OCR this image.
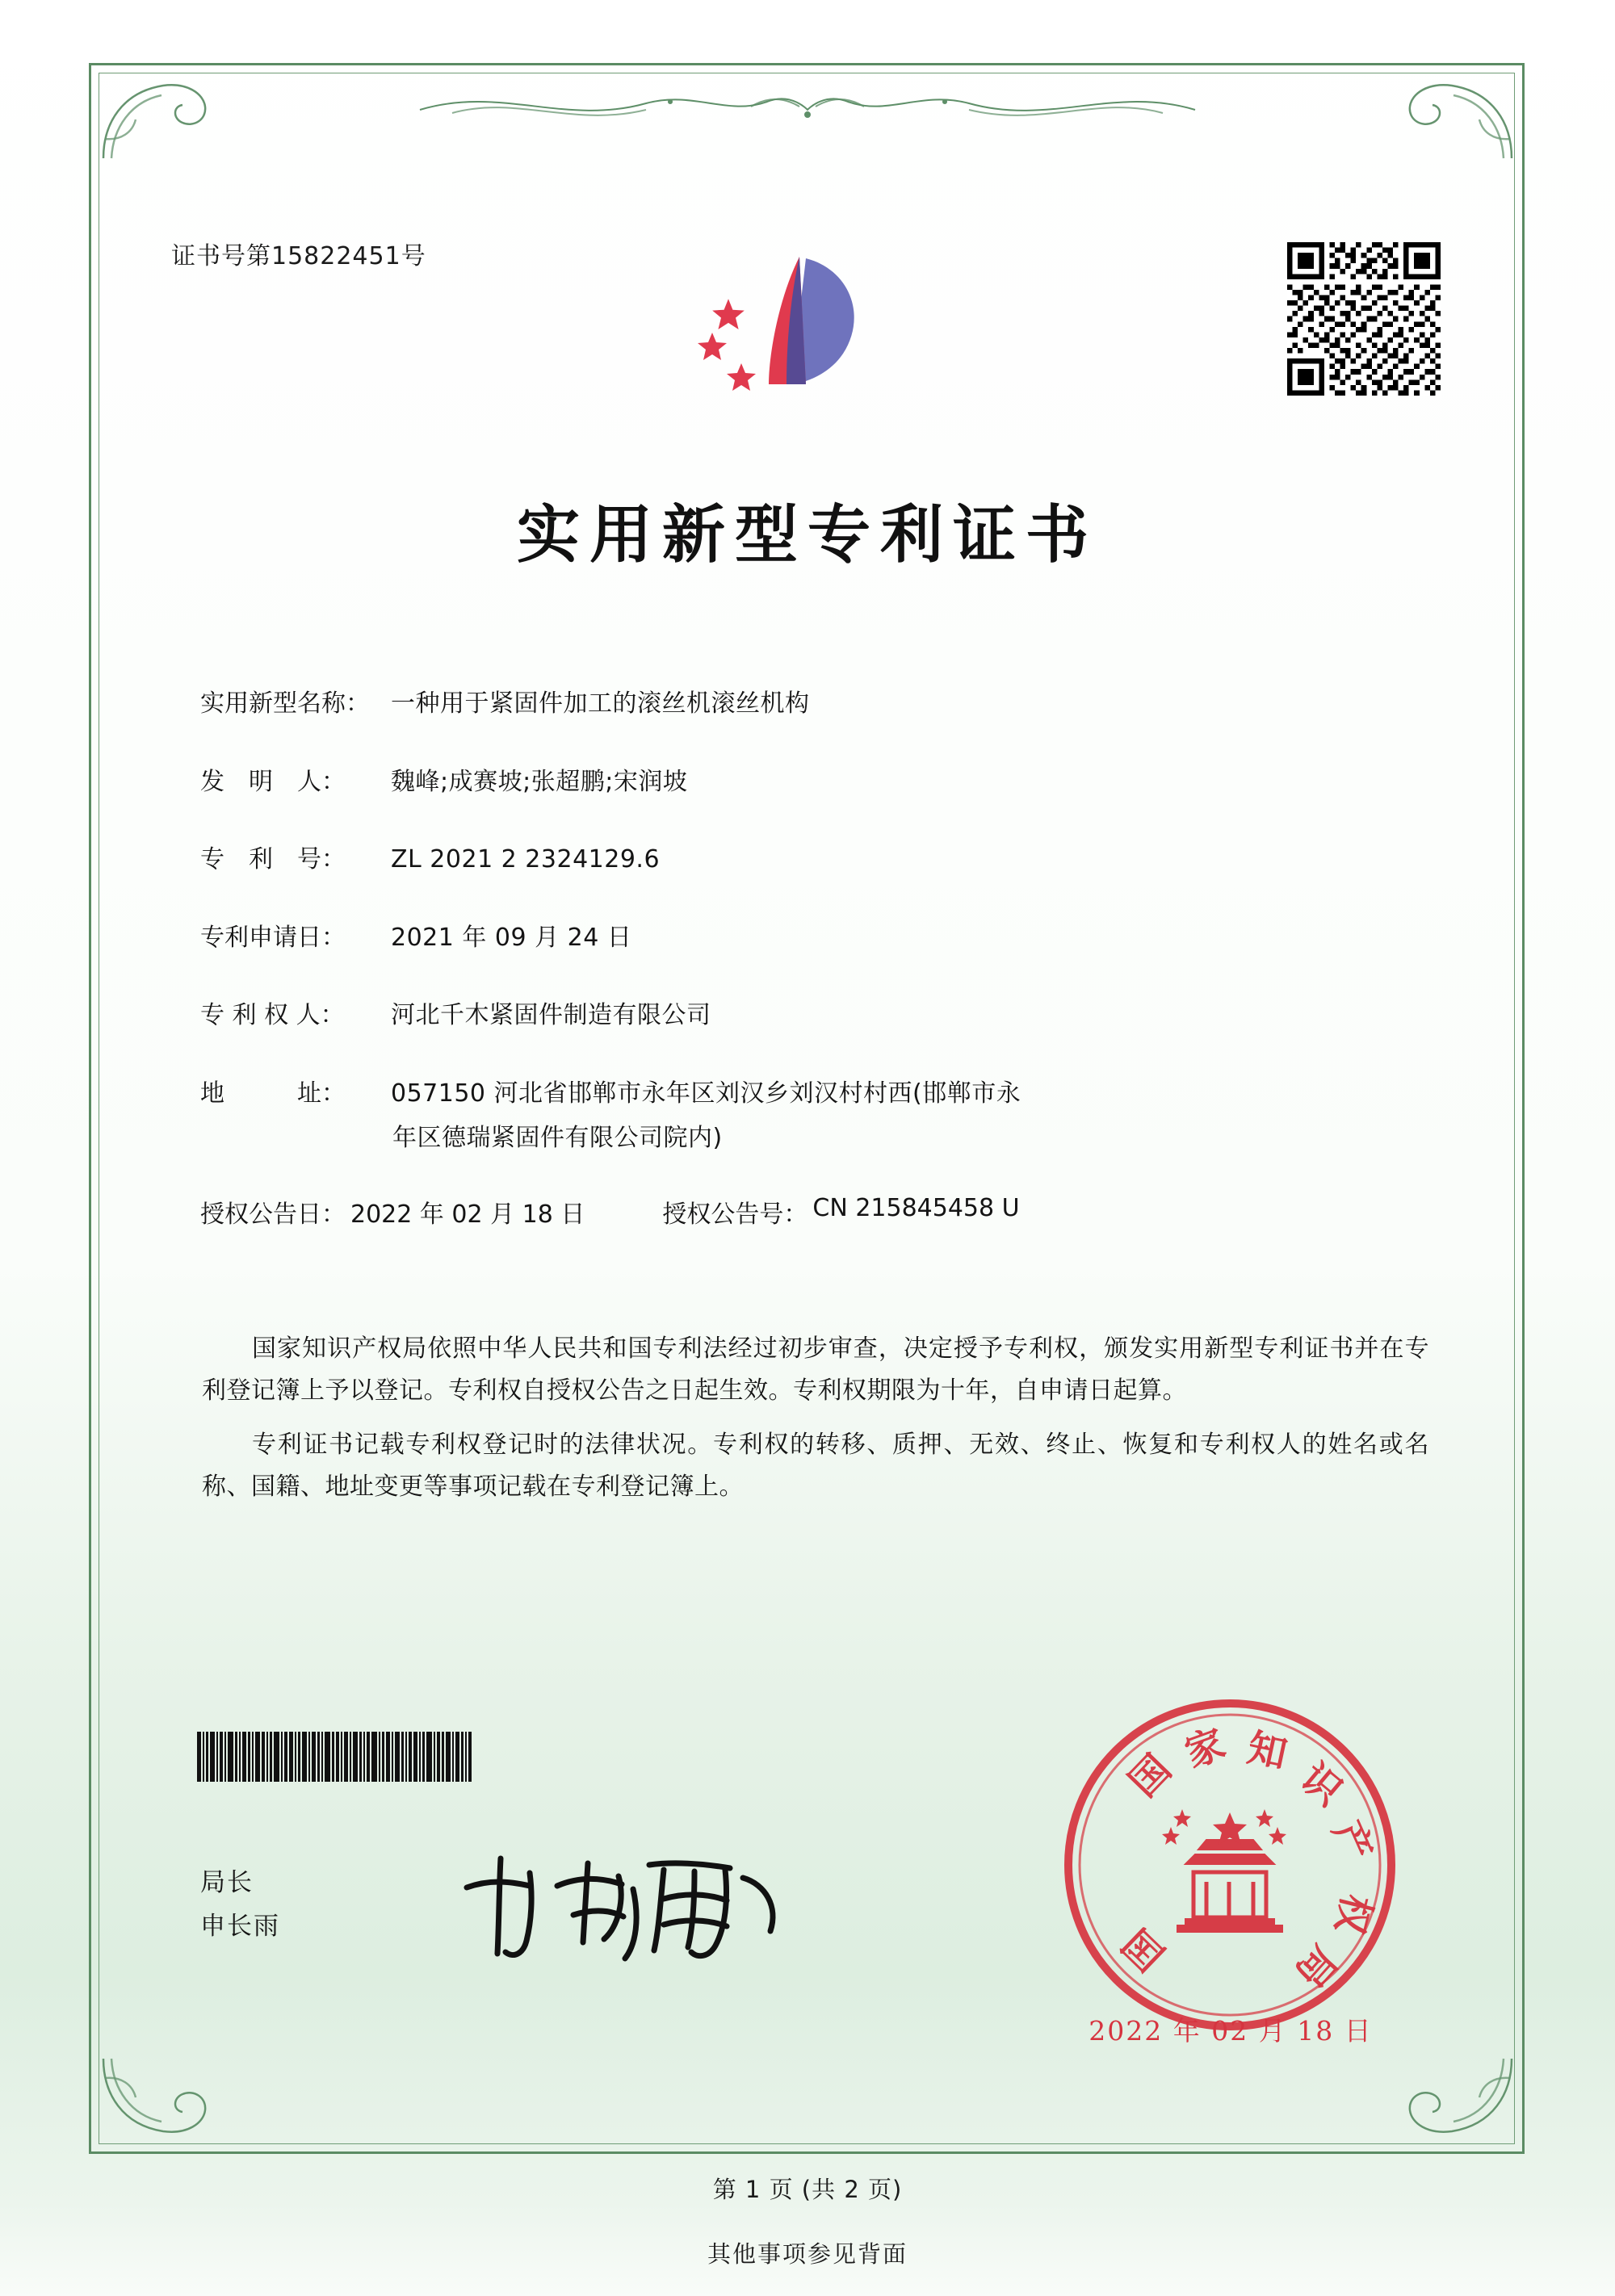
证书号第15822451号
实用新型专利证书
实用新型名称： 一种用于紧固件加工的滚丝机滚丝机构
发　明　人：	魏峰;成赛坡;张超鹏;宋润坡
专　利　号：	ZL 2021 2 2324129.6
专利申请日：	2021 年 09 月 24 日
专 利 权 人：	河北千木紧固件制造有限公司
地　　　址：	057150 河北省邯郸市永年区刘汉乡刘汉村村西(邯郸市永
年区德瑞紧固件有限公司院内)
授权公告日： 2022 年 02 月 18 日	授权公告号： CN 215845458 U

国家知识产权局依照中华人民共和国专利法经过初步审查，决定授予专利权，颁发实用新型专利证书并在专利登记簿上予以登记。专利权自授权公告之日起生效。专利权期限为十年，自申请日起算。

专利证书记载专利权登记时的法律状况。专利权的转移、质押、无效、终止、恢复和专利权人的姓名或名称、国籍、地址变更等事项记载在专利登记簿上。

局长
申长雨
国 家 知
识
产
权
局
国
2022 年 02 月 18 日
第 1 页 (共 2 页)
其他事项参见背面
